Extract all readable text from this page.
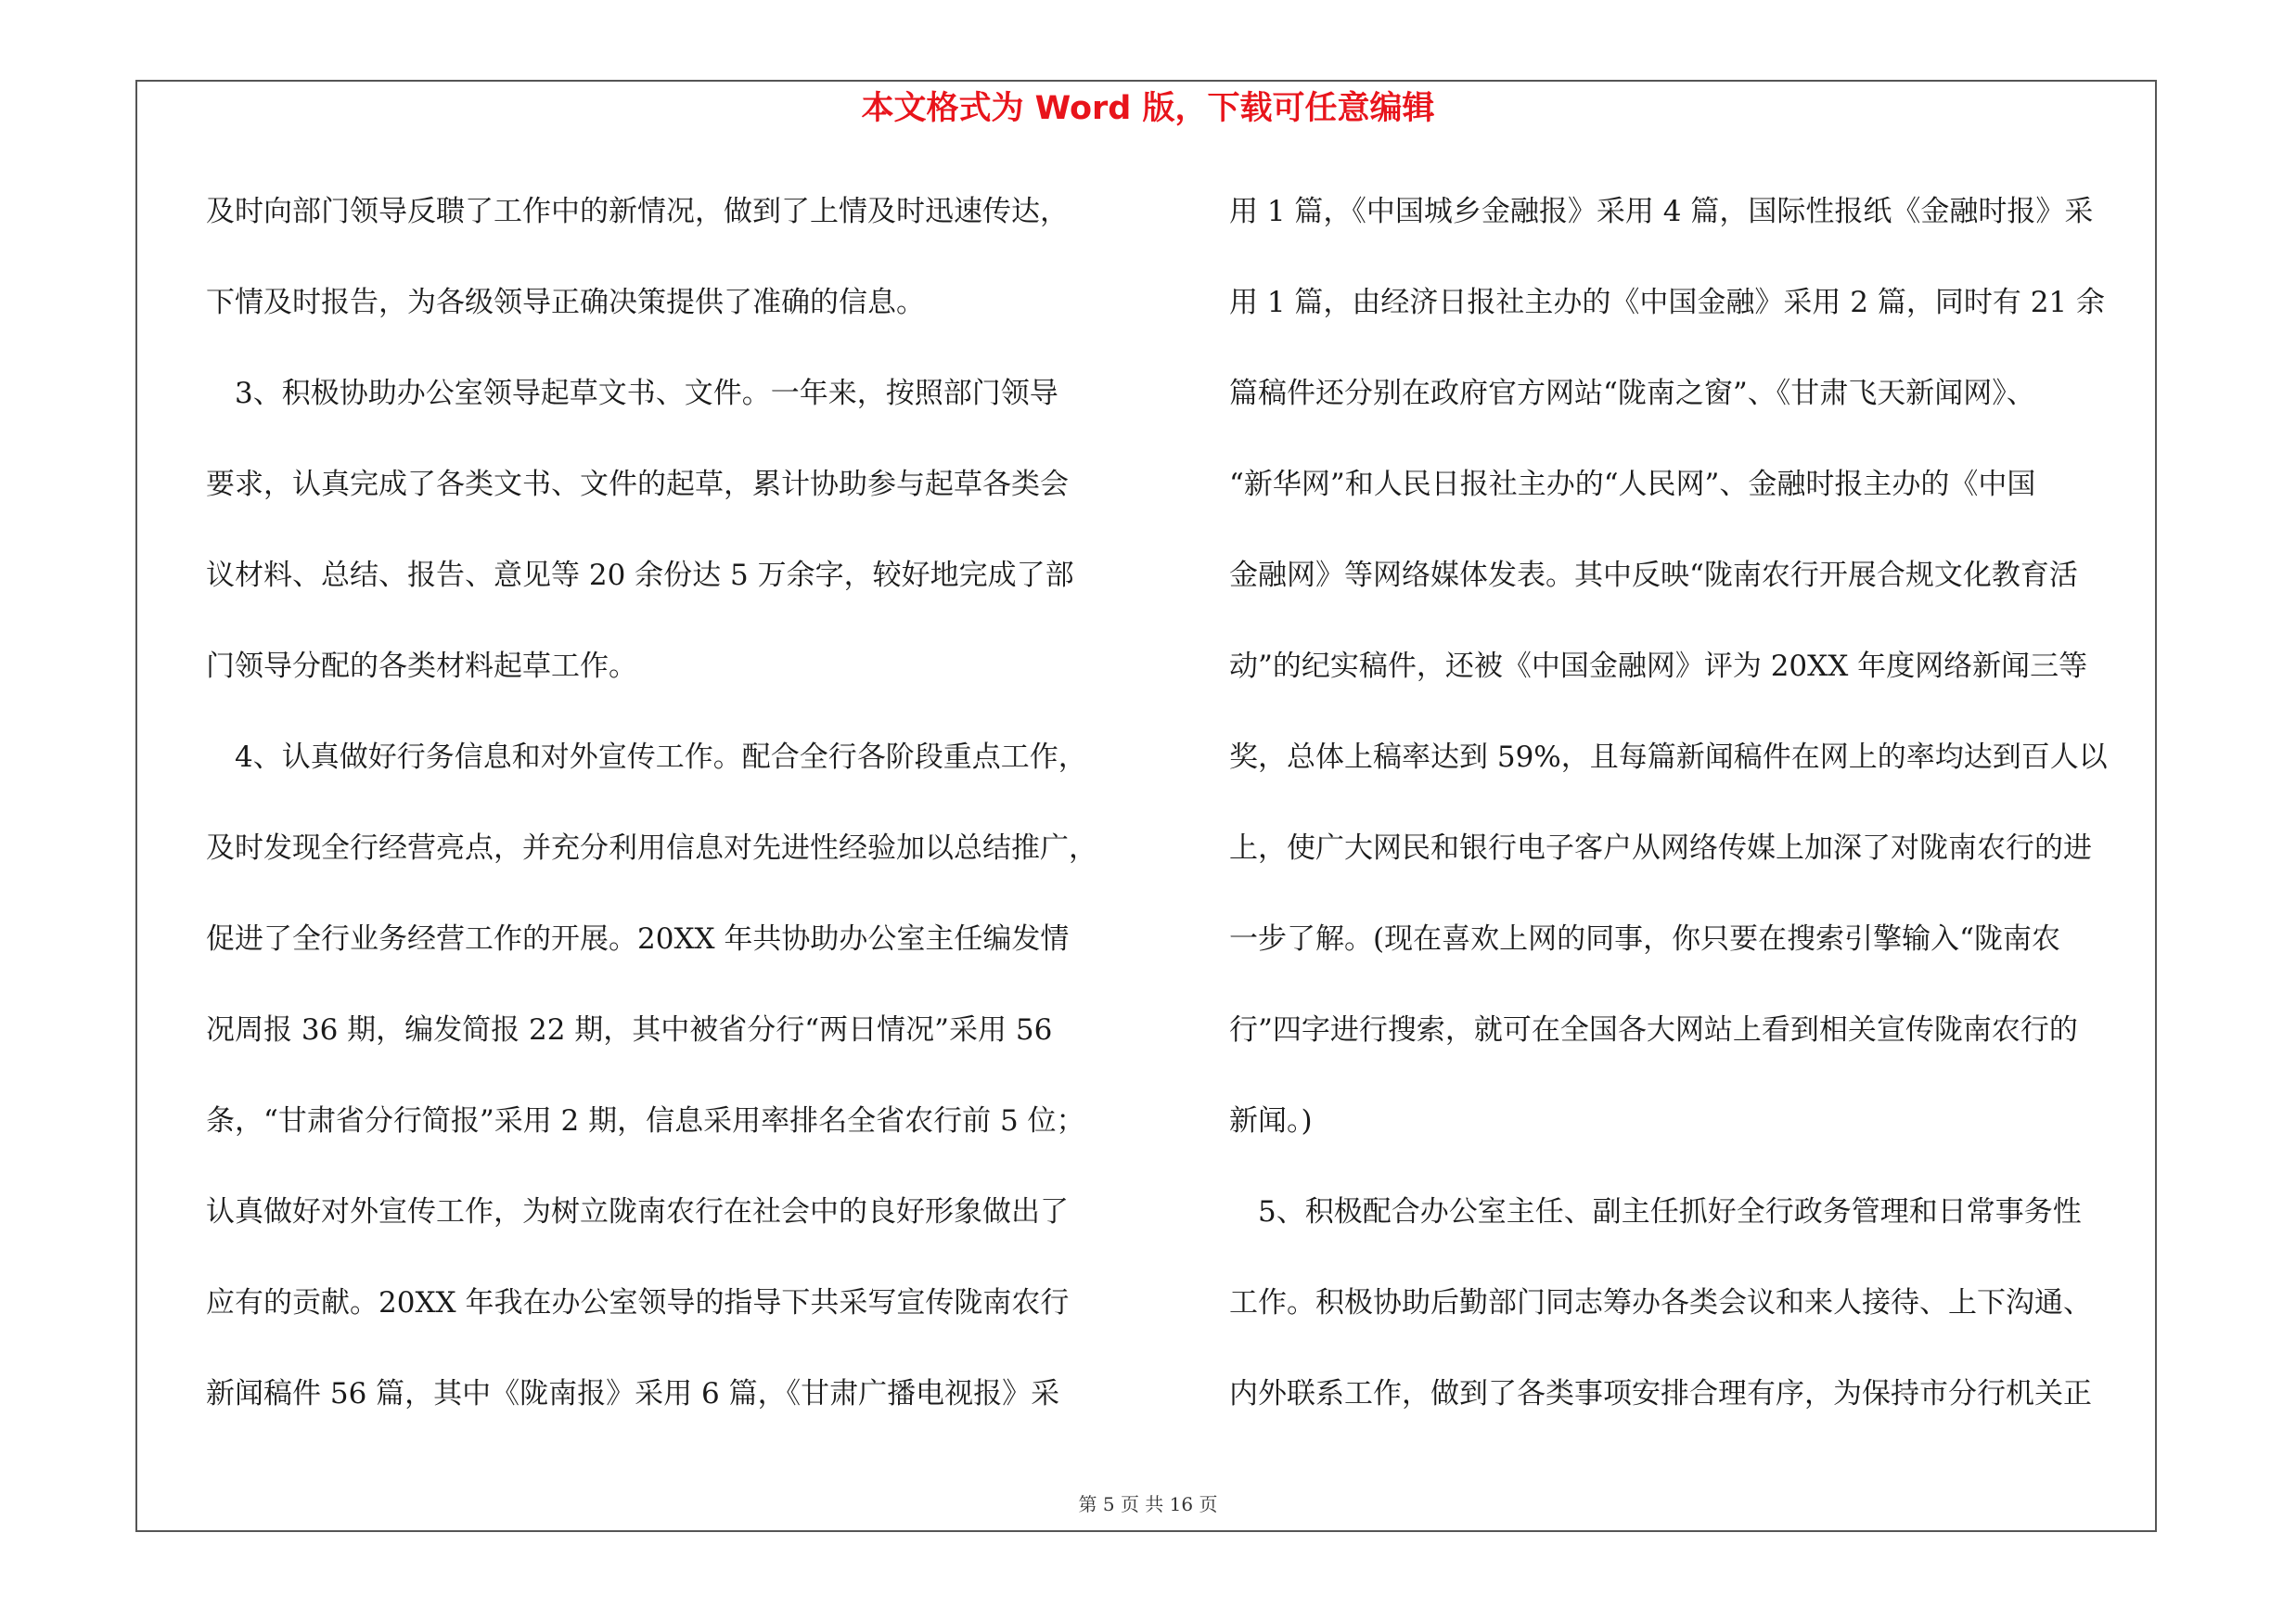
本文格式为 Word 版，下载可任意编辑
及时向部门领导反聩了工作中的新情况，做到了上情及时迅速传达，
下情及时报告，为各级领导正确决策提供了准确的信息。
　3、积极协助办公室领导起草文书、文件。一年来，按照部门领导
要求，认真完成了各类文书、文件的起草，累计协助参与起草各类会
议材料、总结、报告、意见等 20 余份达 5 万余字，较好地完成了部
门领导分配的各类材料起草工作。
　4、认真做好行务信息和对外宣传工作。配合全行各阶段重点工作，
及时发现全行经营亮点，并充分利用信息对先进性经验加以总结推广，
促进了全行业务经营工作的开展。20XX 年共协助办公室主任编发情
况周报 36 期，编发简报 22 期，其中被省分行“两日情况”采用 56
条，“甘肃省分行简报”采用 2 期，信息采用率排名全省农行前 5 位；
认真做好对外宣传工作，为树立陇南农行在社会中的良好形象做出了
应有的贡献。20XX 年我在办公室领导的指导下共采写宣传陇南农行
新闻稿件 56 篇，其中《陇南报》采用 6 篇，《甘肃广播电视报》采
用 1 篇，《中国城乡金融报》采用 4 篇，国际性报纸《金融时报》采
用 1 篇，由经济日报社主办的《中国金融》采用 2 篇，同时有 21 余
篇稿件还分别在政府官方网站“陇南之窗”、《甘肃飞天新闻网》、
“新华网”和人民日报社主办的“人民网”、金融时报主办的《中国
金融网》等网络媒体发表。其中反映“陇南农行开展合规文化教育活
动”的纪实稿件，还被《中国金融网》评为 20XX 年度网络新闻三等
奖，总体上稿率达到 59%，且每篇新闻稿件在网上的率均达到百人以
上，使广大网民和银行电子客户从网络传媒上加深了对陇南农行的进
一步了解。(现在喜欢上网的同事，你只要在搜索引擎输入“陇南农
行”四字进行搜索，就可在全国各大网站上看到相关宣传陇南农行的
新闻。)
　5、积极配合办公室主任、副主任抓好全行政务管理和日常事务性
工作。积极协助后勤部门同志筹办各类会议和来人接待、上下沟通、
内外联系工作，做到了各类事项安排合理有序，为保持市分行机关正
第 5 页 共 16 页
